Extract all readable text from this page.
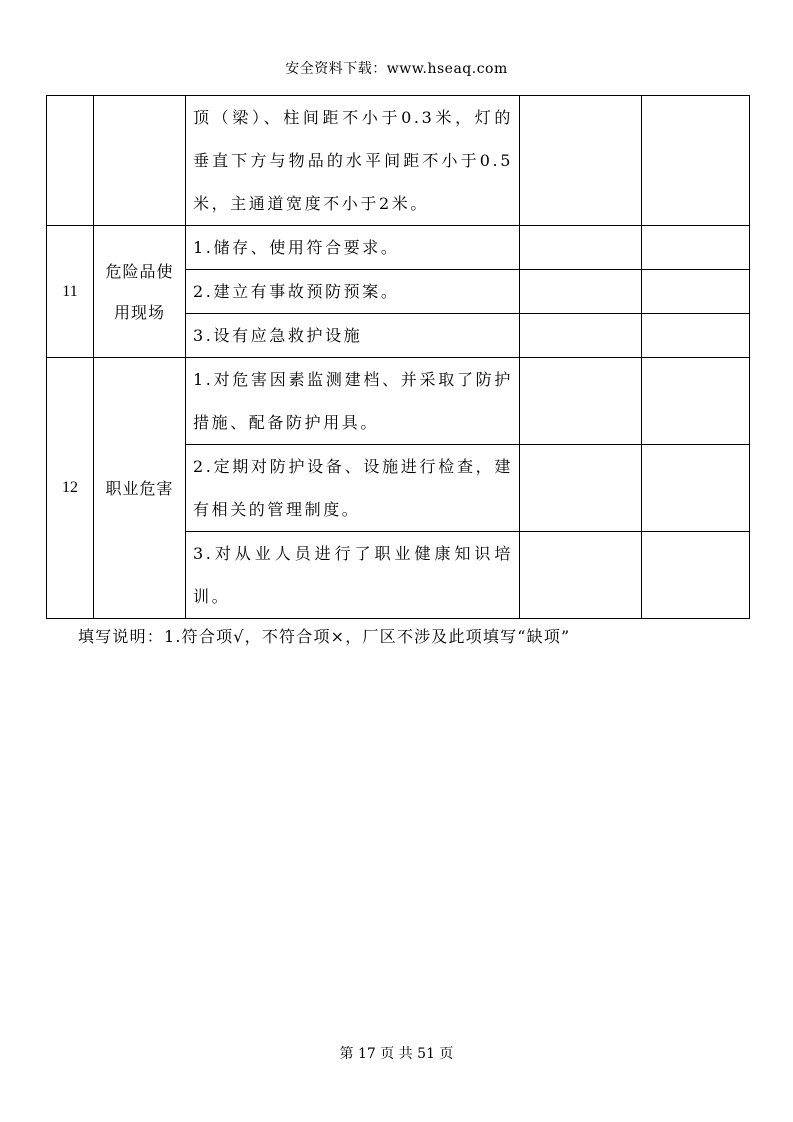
安全资料下载：www.hseaq.com
		顶（梁）、柱间距不小于0.3米，灯的垂直下方与物品的水平间距不小于0.5米，主通道宽度不小于2米。		
11	危险品使用现场	1.储存、使用符合要求。		
		2.建立有事故预防预案。		
		3.设有应急救护设施		
12	职业危害	1.对危害因素监测建档、并采取了防护措施、配备防护用具。		
		2.定期对防护设备、设施进行检查，建有相关的管理制度。		
		3.对从业人员进行了职业健康知识培训。		
填写说明：1.符合项√，不符合项×，厂区不涉及此项填写“缺项”
第 17 页 共 51 页
